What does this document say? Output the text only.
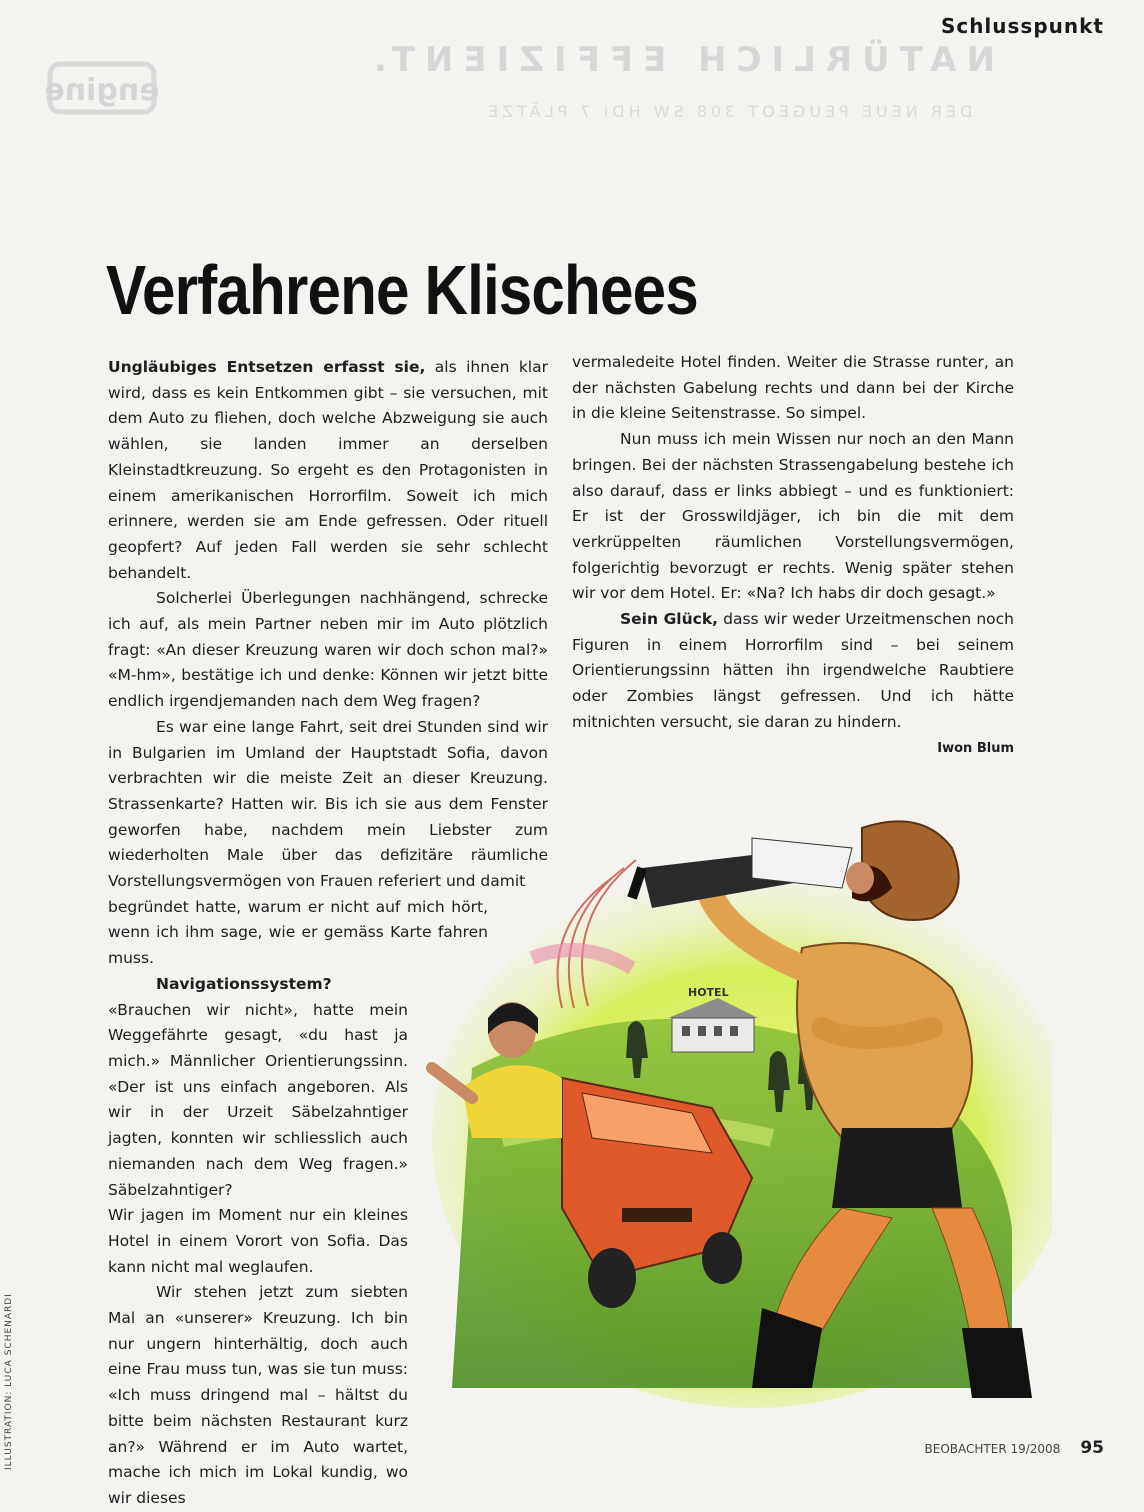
Schlusspunkt
engine
NATÜRLICH EFFIZIENT.
DER NEUE PEUGEOT 308 SW HDi 7 PLÄTZE
Verfahrene Klischees

Ungläubiges Entsetzen erfasst sie, als ihnen klar wird, dass es kein Entkommen gibt – sie versuchen, mit dem Auto zu fliehen, doch welche Abzweigung sie auch wählen, sie landen immer an derselben Kleinstadtkreuzung. So ergeht es den Protagonisten in einem amerikanischen Horrorfilm. Soweit ich mich erinnere, werden sie am Ende gefressen. Oder rituell geopfert? Auf jeden Fall werden sie sehr schlecht behandelt.

Solcherlei Überlegungen nachhängend, schrecke ich auf, als mein Partner neben mir im Auto plötzlich fragt: «An dieser Kreuzung waren wir doch schon mal?» «M-hm», bestätige ich und denke: Können wir jetzt bitte endlich irgendjemanden nach dem Weg fragen?

Es war eine lange Fahrt, seit drei Stunden sind wir in Bulgarien im Umland der Hauptstadt Sofia, davon verbrachten wir die meiste Zeit an dieser Kreuzung. Strassenkarte? Hatten wir. Bis ich sie aus dem Fenster geworfen habe, nachdem mein Liebster zum wiederholten Male über das defizitäre räumliche Vorstellungsvermögen von Frauen referiert und damit

begründet hatte, warum er nicht auf mich hört, wenn ich ihm sage, wie er gemäss Karte fahren muss.

Navigationssystem? «Brauchen wir nicht», hatte mein Weggefährte gesagt, «du hast ja mich.» Männlicher Orientierungssinn. «Der ist uns einfach angeboren. Als wir in der Urzeit Säbelzahntiger jagten, konnten wir schliesslich auch niemanden nach dem Weg fragen.» Säbelzahntiger?

Wir jagen im Moment nur ein kleines Hotel in einem Vorort von Sofia. Das kann nicht mal weglaufen.

Wir stehen jetzt zum siebten Mal an «unserer» Kreuzung. Ich bin nur ungern hinterhältig, doch auch eine Frau muss tun, was sie tun muss: «Ich muss dringend mal – hältst du bitte beim nächsten Restaurant kurz an?» Während er im Auto wartet, mache ich mich im Lokal kundig, wo wir dieses

vermaledeite Hotel finden. Weiter die Strasse runter, an der nächsten Gabelung rechts und dann bei der Kirche in die kleine Seitenstrasse. So simpel.

Nun muss ich mein Wissen nur noch an den Mann bringen. Bei der nächsten Strassengabelung bestehe ich also darauf, dass er links abbiegt – und es funktioniert: Er ist der Grosswildjäger, ich bin die mit dem verkrüppelten räumlichen Vorstellungsvermögen, folgerichtig bevorzugt er rechts. Wenig später stehen wir vor dem Hotel. Er: «Na? Ich habs dir doch gesagt.»

Sein Glück, dass wir weder Urzeitmenschen noch Figuren in einem Horrorfilm sind – bei seinem Orientierungssinn hätten ihn irgendwelche Raubtiere oder Zombies längst gefressen. Und ich hätte mitnichten versucht, sie daran zu hindern.
Iwon Blum

HOTEL
ILLUSTRATION: LUCA SCHENARDI	BEOBACHTER 19/2008 95
